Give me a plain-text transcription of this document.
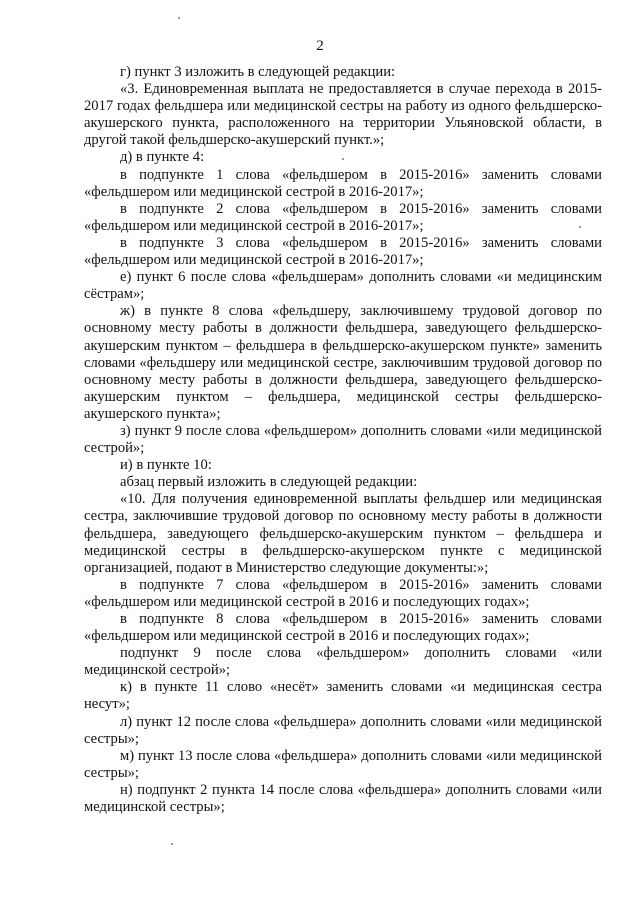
2

г) пункт 3 изложить в следующей редакции:

«3. Единовременная выплата не предоставляется в случае перехода в 2015-2017 годах фельдшера или медицинской сестры на работу из одного фельдшерско-акушерского пункта, расположенного на территории Ульяновской области, в другой такой фельдшерско-акушерский пункт.»;

д) в пункте 4:

в подпункте 1 слова «фельдшером в 2015-2016» заменить словами «фельдшером или медицинской сестрой в 2016-2017»;

в подпункте 2 слова «фельдшером в 2015-2016» заменить словами «фельдшером или медицинской сестрой в 2016-2017»;

в подпункте 3 слова «фельдшером в 2015-2016» заменить словами «фельдшером или медицинской сестрой в 2016-2017»;

е) пункт 6 после слова «фельдшерам» дополнить словами «и медицинским сёстрам»;

ж) в пункте 8 слова «фельдшеру, заключившему трудовой договор по основному месту работы в должности фельдшера, заведующего фельдшерско-акушерским пунктом – фельдшера в фельдшерско-акушерском пункте» заменить словами «фельдшеру или медицинской сестре, заключившим трудовой договор по основному месту работы в должности фельдшера, заведующего фельдшерско-акушерским пунктом – фельдшера, медицинской сестры фельдшерско-акушерского пункта»;

з) пункт 9 после слова «фельдшером» дополнить словами «или медицинской сестрой»;

и) в пункте 10:

абзац первый изложить в следующей редакции:

«10. Для получения единовременной выплаты фельдшер или медицинская сестра, заключившие трудовой договор по основному месту работы в должности фельдшера, заведующего фельдшерско-акушерским пунктом – фельдшера и медицинской сестры в фельдшерско-акушерском пункте с медицинской организацией, подают в Министерство следующие документы:»;

в подпункте 7 слова «фельдшером в 2015-2016» заменить словами «фельдшером или медицинской сестрой в 2016 и последующих годах»;

в подпункте 8 слова «фельдшером в 2015-2016» заменить словами «фельдшером или медицинской сестрой в 2016 и последующих годах»;

подпункт 9 после слова «фельдшером» дополнить словами «или медицинской сестрой»;

к) в пункте 11 слово «несёт» заменить словами «и медицинская сестра несут»;

л) пункт 12 после слова «фельдшера» дополнить словами «или медицинской сестры»;

м) пункт 13 после слова «фельдшера» дополнить словами «или медицинской сестры»;

н) подпункт 2 пункта 14 после слова «фельдшера» дополнить словами «или медицинской сестры»;
